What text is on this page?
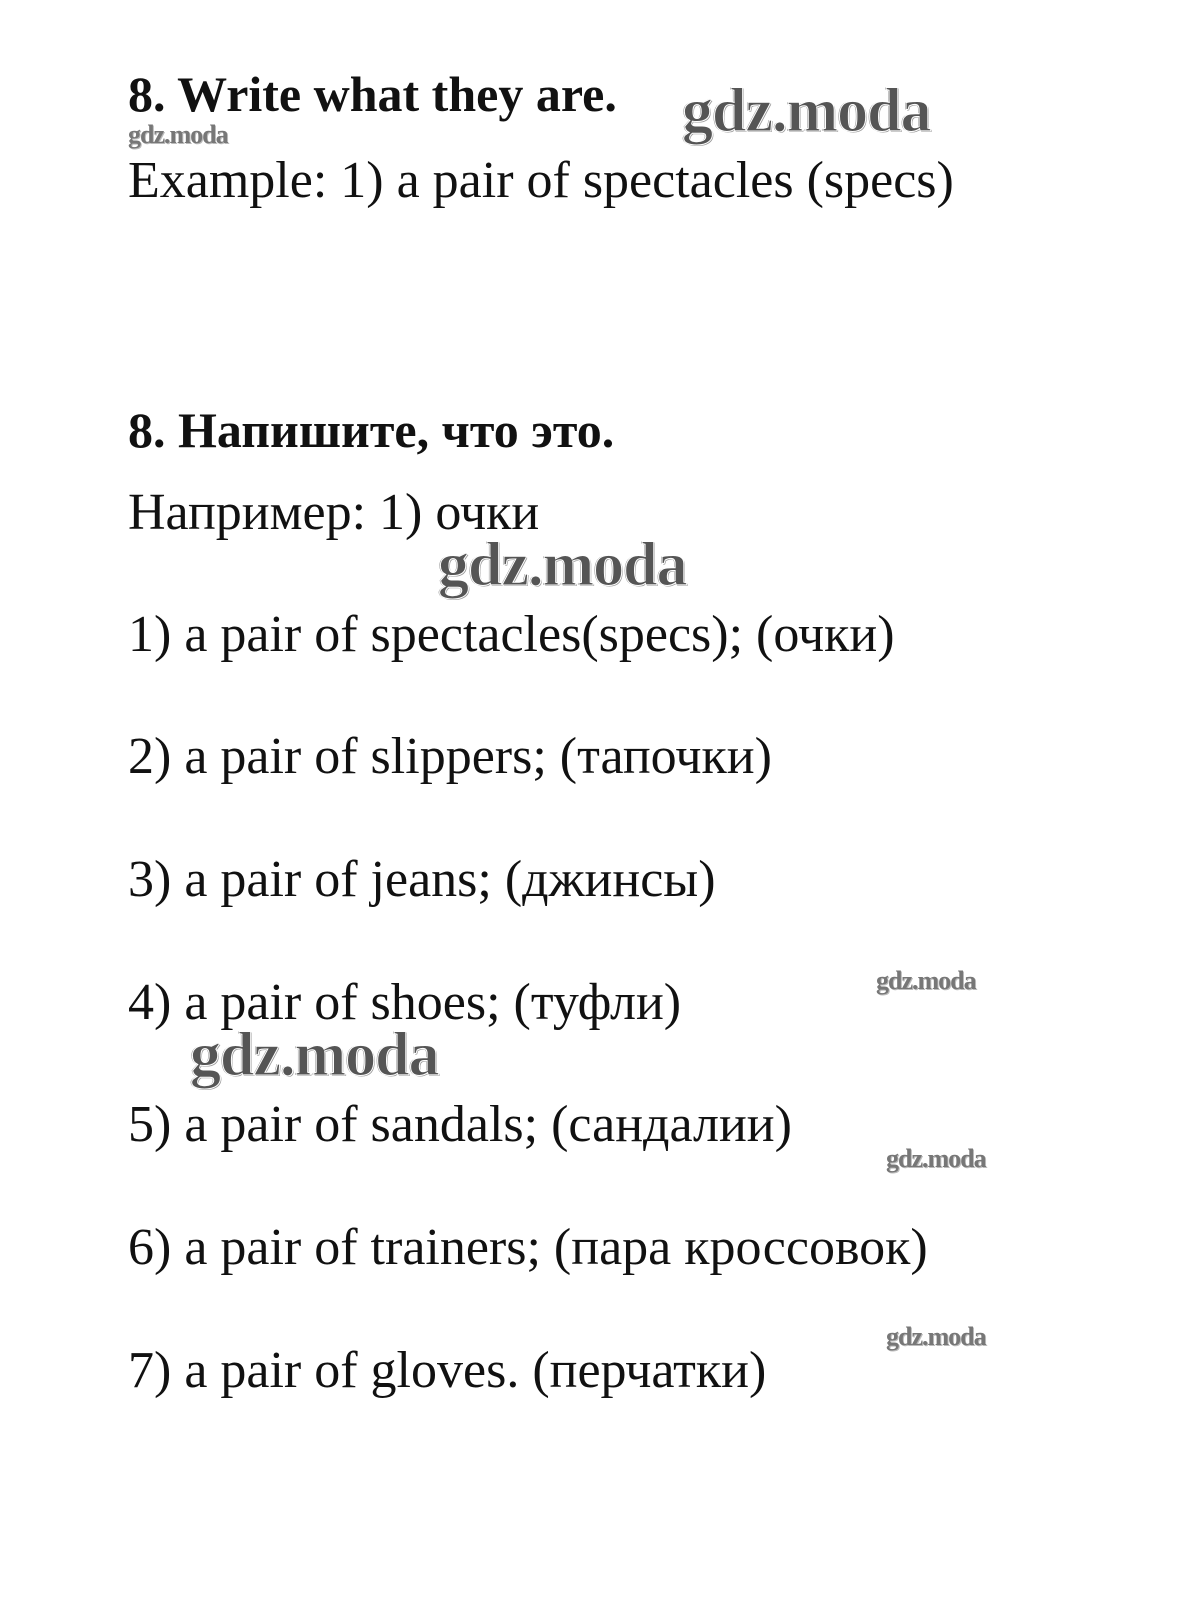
8. Write what they are.

Example: 1) a pair of spectacles (specs)

8. Напишите, что это.

Например: 1) очки

1) a pair of spectacles(specs); (очки)

2) a pair of slippers; (тапочки)

3) a pair of jeans; (джинсы)

4) a pair of shoes; (туфли)

5) a pair of sandals; (сандалии)

6) a pair of trainers; (пара кроссовок)

7) a pair of gloves. (перчатки)

gdz.moda
gdz.moda
gdz.moda
gdz.moda
gdz.moda
gdz.moda
gdz.moda
